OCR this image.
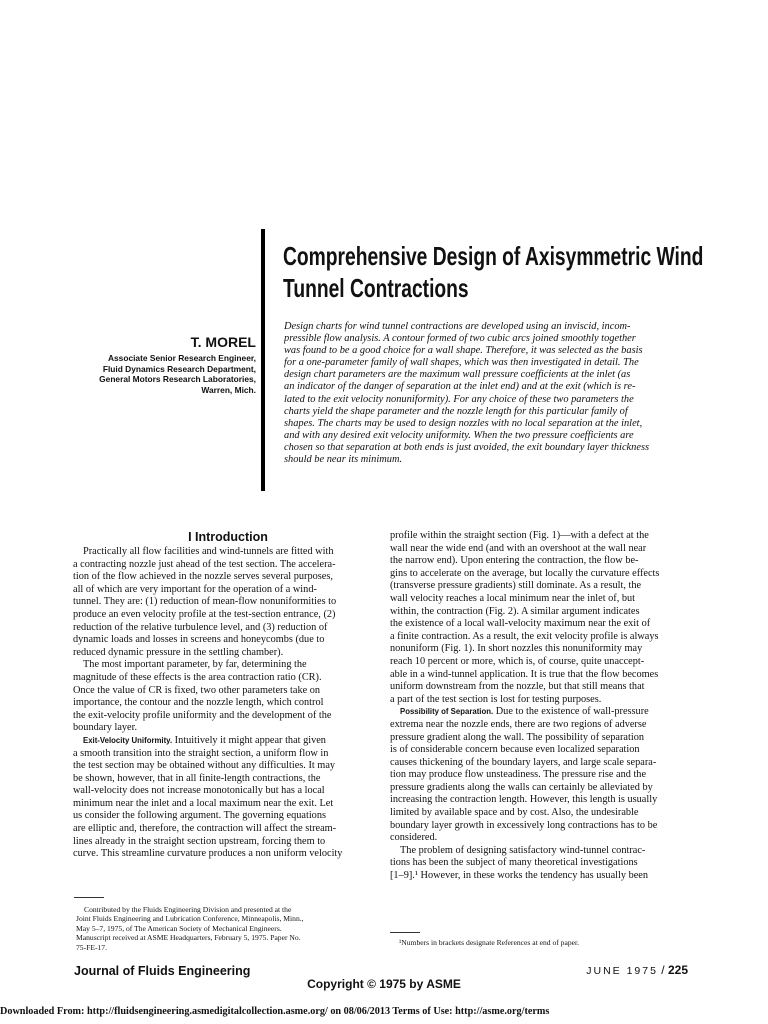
Comprehensive Design of Axisymmetric Wind
Tunnel Contractions
T. MOREL
Associate Senior Research Engineer,
Fluid Dynamics Research Department,
General Motors Research Laboratories,
Warren, Mich.
Design charts for wind tunnel contractions are developed using an inviscid, incom-
pressible flow analysis. A contour formed of two cubic arcs joined smoothly together
was found to be a good choice for a wall shape. Therefore, it was selected as the basis
for a one-parameter family of wall shapes, which was then investigated in detail. The
design chart parameters are the maximum wall pressure coefficients at the inlet (as
an indicator of the danger of separation at the inlet end) and at the exit (which is re-
lated to the exit velocity nonuniformity). For any choice of these two parameters the
charts yield the shape parameter and the nozzle length for this particular family of
shapes. The charts may be used to design nozzles with no local separation at the inlet,
and with any desired exit velocity uniformity. When the two pressure coefficients are
chosen so that separation at both ends is just avoided, the exit boundary layer thickness
should be near its minimum.
I Introduction
Practically all flow facilities and wind-tunnels are fitted with
a contracting nozzle just ahead of the test section. The accelera-
tion of the flow achieved in the nozzle serves several purposes,
all of which are very important for the operation of a wind-
tunnel. They are: (1) reduction of mean-flow nonuniformities to
produce an even velocity profile at the test-section entrance, (2)
reduction of the relative turbulence level, and (3) reduction of
dynamic loads and losses in screens and honeycombs (due to
reduced dynamic pressure in the settling chamber).
The most important parameter, by far, determining the
magnitude of these effects is the area contraction ratio (CR).
Once the value of CR is fixed, two other parameters take on
importance, the contour and the nozzle length, which control
the exit-velocity profile uniformity and the development of the
boundary layer.
Exit-Velocity Uniformity. Intuitively it might appear that given
a smooth transition into the straight section, a uniform flow in
the test section may be obtained without any difficulties. It may
be shown, however, that in all finite-length contractions, the
wall-velocity does not increase monotonically but has a local
minimum near the inlet and a local maximum near the exit. Let
us consider the following argument. The governing equations
are elliptic and, therefore, the contraction will affect the stream-
lines already in the straight section upstream, forcing them to
curve. This streamline curvature produces a non uniform velocity
profile within the straight section (Fig. 1)—with a defect at the
wall near the wide end (and with an overshoot at the wall near
the narrow end). Upon entering the contraction, the flow be-
gins to accelerate on the average, but locally the curvature effects
(transverse pressure gradients) still dominate. As a result, the
wall velocity reaches a local minimum near the inlet of, but
within, the contraction (Fig. 2). A similar argument indicates
the existence of a local wall-velocity maximum near the exit of
a finite contraction. As a result, the exit velocity profile is always
nonuniform (Fig. 1). In short nozzles this nonuniformity may
reach 10 percent or more, which is, of course, quite unaccept-
able in a wind-tunnel application. It is true that the flow becomes
uniform downstream from the nozzle, but that still means that
a part of the test section is lost for testing purposes.
Possibility of Separation. Due to the existence of wall-pressure
extrema near the nozzle ends, there are two regions of adverse
pressure gradient along the wall. The possibility of separation
is of considerable concern because even localized separation
causes thickening of the boundary layers, and large scale separa-
tion may produce flow unsteadiness. The pressure rise and the
pressure gradients along the walls can certainly be alleviated by
increasing the contraction length. However, this length is usually
limited by available space and by cost. Also, the undesirable
boundary layer growth in excessively long contractions has to be
considered.
The problem of designing satisfactory wind-tunnel contrac-
tions has been the subject of many theoretical investigations
[1–9].¹ However, in these works the tendency has usually been
Contributed by the Fluids Engineering Division and presented at the
Joint Fluids Engineering and Lubrication Conference, Minneapolis, Minn.,
May 5–7, 1975, of The American Society of Mechanical Engineers.
Manuscript received at ASME Headquarters, February 5, 1975. Paper No.
75-FE-17.
¹Numbers in brackets designate References at end of paper.
Journal of Fluids Engineering
Copyright © 1975 by ASME
JUNE 1975 / 225
Downloaded From: http://fluidsengineering.asmedigitalcollection.asme.org/ on 08/06/2013 Terms of Use: http://asme.org/terms
